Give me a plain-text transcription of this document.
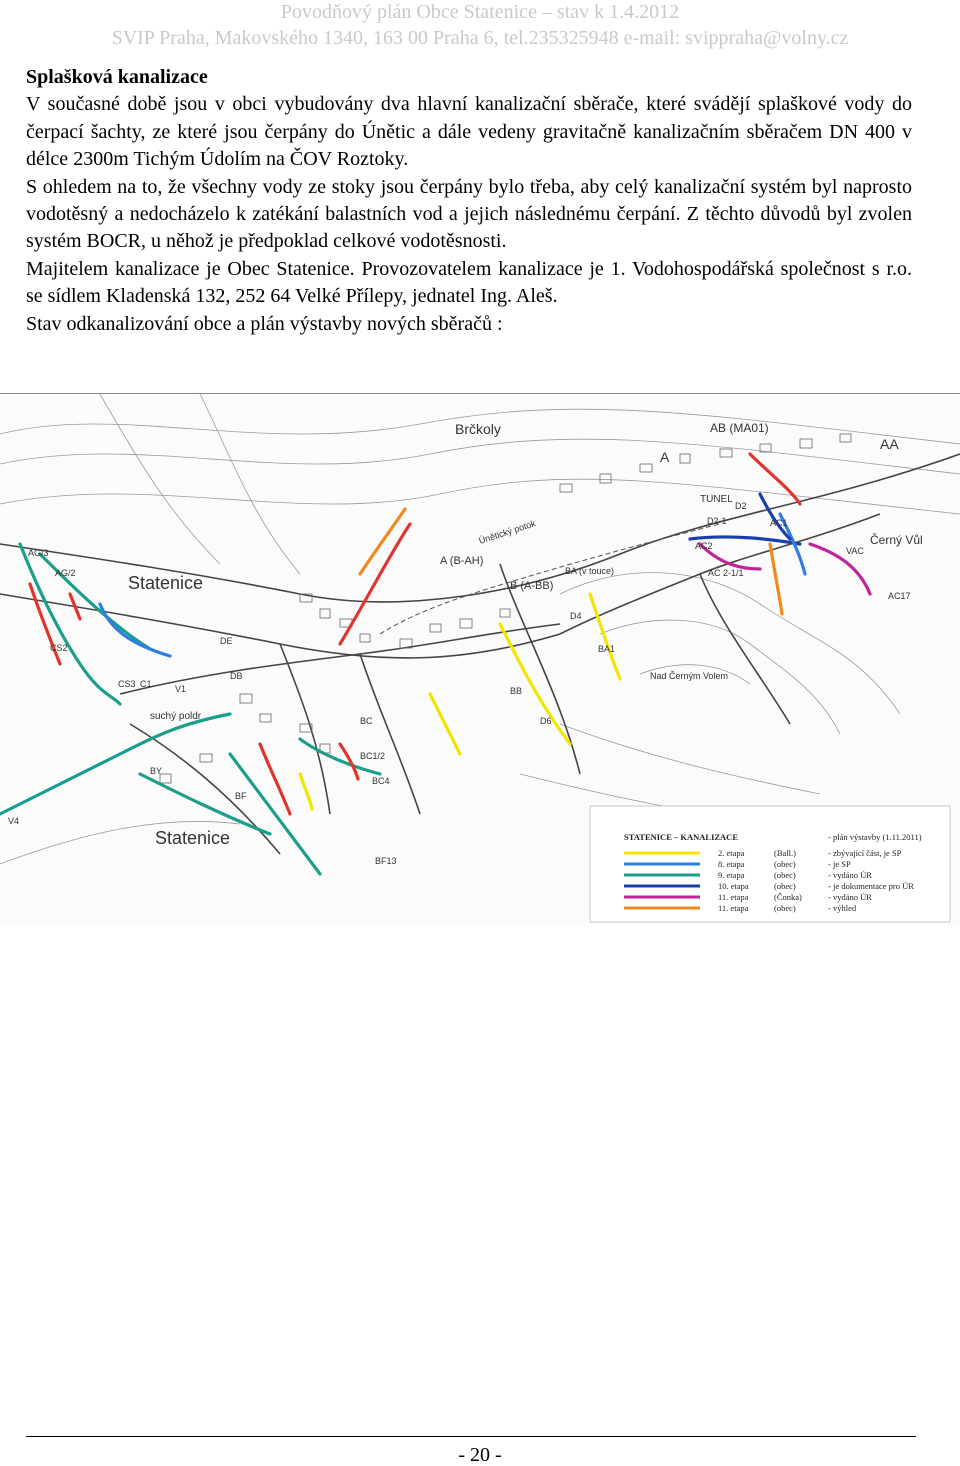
Povodňový plán Obce Statenice – stav k 1.4.2012
SVIP Praha, Makovského 1340, 163 00 Praha 6, tel.235325948 e-mail: svippraha@volny.cz
Splašková kanalizace

V současné době jsou v obci vybudovány dva hlavní kanalizační sběrače, které svádějí splaškové vody do čerpací šachty, ze které jsou čerpány do Únětic a dále vedeny gravitačně kanalizačním sběračem DN 400 v délce 2300m Tichým Údolím na ČOV Roztoky.

S ohledem na to, že všechny vody ze stoky jsou čerpány bylo třeba, aby celý kanalizační systém byl naprosto vodotěsný a nedocházelo k zatékání balastních vod a jejich následnému čerpání. Z těchto důvodů byl zvolen systém BOCR, u něhož je předpoklad celkové vodotěsnosti.

Majitelem kanalizace je Obec Statenice. Provozovatelem kanalizace je 1. Vodohospodářská společnost s r.o. se sídlem Kladenská 132, 252 64 Velké Přílepy, jednatel Ing. Aleš.

Stav odkanalizování obce a plán výstavby nových sběračů :

Brčkoly
Statenice
Statenice
Černý Vůl
Nad Černým Volem
Únětický potok
suchý poldr
TUNEL
AB (MA01)
AA
A
A (B-AH)
B (A-BB)
BA (v touce)
BB
BC
BC1/2
BC4
BF
BF13
BY
BA1
AC1
AC2
AC 2-1/1
VAC
AC17
D4
D6
D2
D2-1
DE
AG/3
AG/2
CS2
CS3 C1	V1
V4
DB
STATENICE – KANALIZACE	- plán výstavby (1.11.2011)
2. etapa	(Ball.)	- zbývající část, je SP
8. etapa	(obec)	- je SP
9. etapa	(obec)	- vydáno ÚR
10. etapa	(obec)	- je dokumentace pro ÚR
11. etapa	(Čonka)	- vydáno ÚR
11. etapa	(obec)	- výhled
- 20 -
